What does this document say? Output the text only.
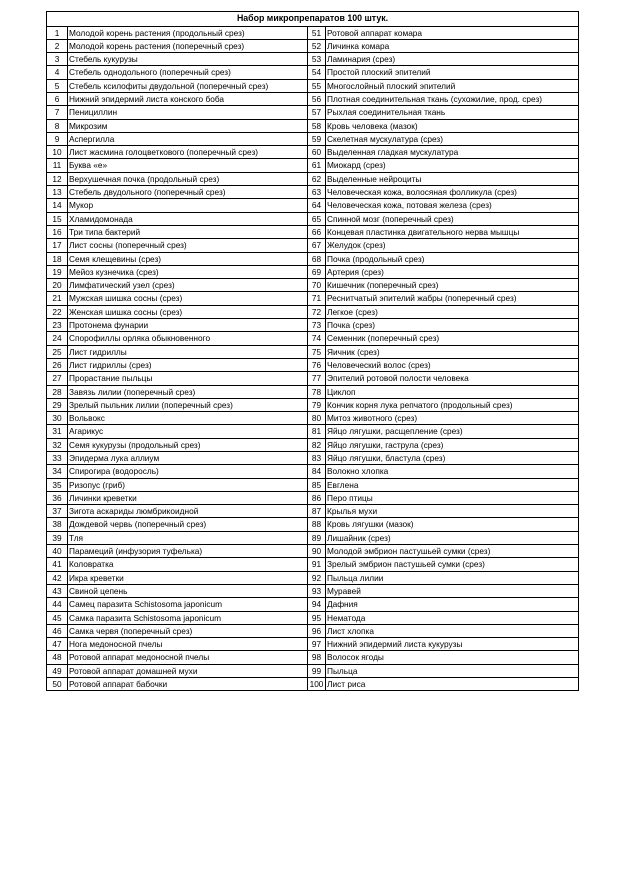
Набор микропрепаратов 100 штук.			
1	Молодой корень растения (продольный срез)	51	Ротовой аппарат комара
2	Молодой корень растения (поперечный срез)	52	Личинка комара
3	Стебель кукурузы	53	Ламинария (срез)
4	Стебель однодольного (поперечный срез)	54	Простой плоский эпителий
5	Стебель ксилофиты двудольной (поперечный срез)	55	Многослойный плоский эпителий
6	Нижний эпидермий листа конского боба	56	Плотная соединительная ткань (сухожилие, прод. срез)
7	Пенициллин	57	Рыхлая соединительная ткань
8	Микрозим	58	Кровь человека (мазок)
9	Аспергилла	59	Скелетная мускулатура (срез)
10	Лист жасмина голоцветкового (поперечный срез)	60	Выделенная гладкая мускулатура
11	Буква «е»	61	Миокард (срез)
12	Верхушечная почка (продольный срез)	62	Выделенные нейроциты
13	Стебель двудольного (поперечный срез)	63	Человеческая кожа, волосяная фолликула (срез)
14	Мукор	64	Человеческая кожа, потовая железа (срез)
15	Хламидомонада	65	Спинной мозг (поперечный срез)
16	Три типа бактерий	66	Концевая пластинка двигательного нерва мышцы
17	Лист сосны (поперечный срез)	67	Желудок (срез)
18	Семя клещевины (срез)	68	Почка (продольный срез)
19	Мейоз кузнечика (срез)	69	Артерия (срез)
20	Лимфатический узел (срез)	70	Кишечник (поперечный срез)
21	Мужская шишка сосны (срез)	71	Реснитчатый эпителий жабры (поперечный срез)
22	Женская шишка сосны (срез)	72	Легкое (срез)
23	Протонема фунарии	73	Почка (срез)
24	Спорофиллы орляка обыкновенного	74	Семенник (поперечный срез)
25	Лист гидриллы	75	Яичник (срез)
26	Лист гидриллы (срез)	76	Человеческий волос (срез)
27	Прорастание пыльцы	77	Эпителий ротовой полости человека
28	Завязь лилии (поперечный срез)	78	Циклоп
29	Зрелый пыльник лилии (поперечный срез)	79	Кончик корня лука репчатого (продольный срез)
30	Вольвокс	80	Митоз животного (срез)
31	Агарикус	81	Яйцо лягушки, расщепление (срез)
32	Семя кукурузы (продольный срез)	82	Яйцо лягушки, гаструла (срез)
33	Эпидерма лука аллиум	83	Яйцо лягушки, бластула (срез)
34	Спирогира (водоросль)	84	Волокно хлопка
35	Ризопус (гриб)	85	Евглена
36	Личинки креветки	86	Перо птицы
37	Зигота аскариды люмбрикоидной	87	Крылья мухи
38	Дождевой червь (поперечный срез)	88	Кровь лягушки (мазок)
39	Тля	89	Лишайник (срез)
40	Парамеций (инфузория туфелька)	90	Молодой эмбрион пастушьей сумки (срез)
41	Коловратка	91	Зрелый эмбрион пастушьей сумки (срез)
42	Икра креветки	92	Пыльца лилии
43	Свиной цепень	93	Муравей
44	Самец паразита Schistosoma japonicum	94	Дафния
45	Самка паразита Schistosoma japonicum	95	Нематода
46	Самка червя (поперечный срез)	96	Лист хлопка
47	Нога медоносной пчелы	97	Нижний эпидермий листа кукурузы
48	Ротовой аппарат медоносной пчелы	98	Волосок ягоды
49	Ротовой аппарат домашней мухи	99	Пыльца
50	Ротовой аппарат бабочки	100	Лист риса
